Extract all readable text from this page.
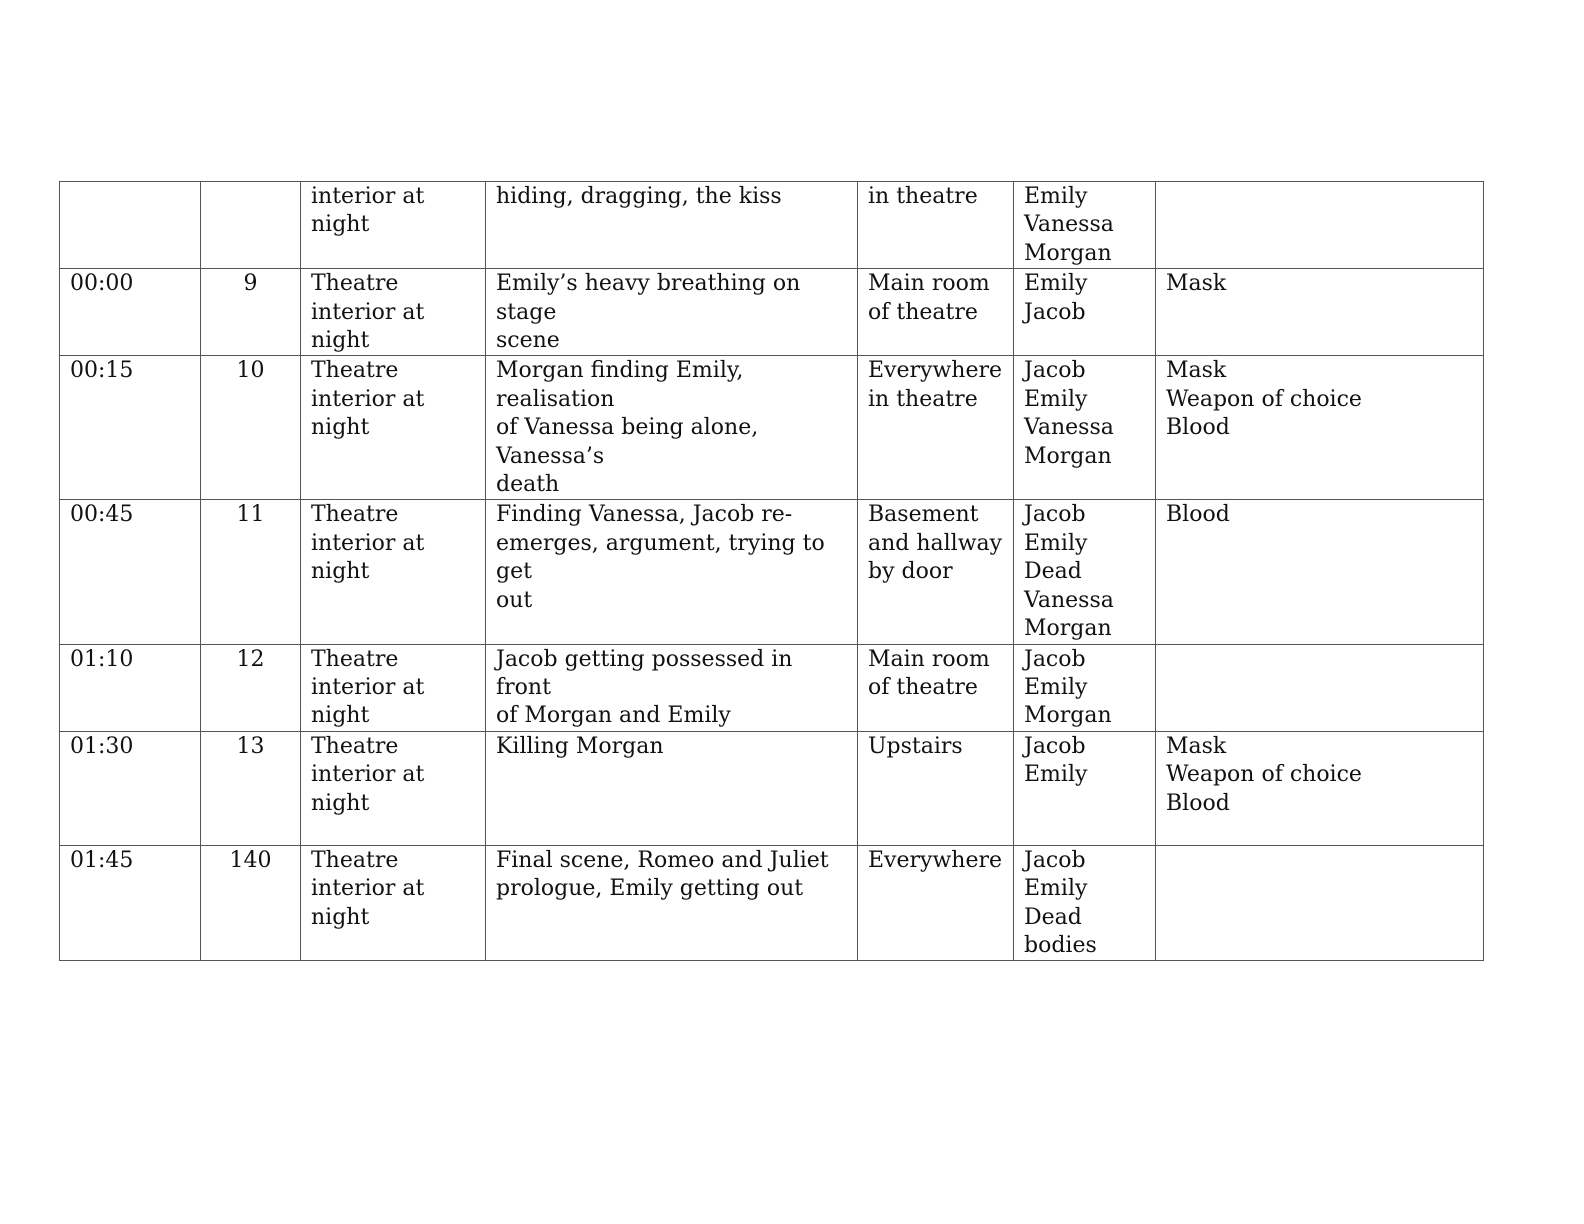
		interior at
night	hiding, dragging, the kiss	in theatre	Emily
Vanessa
Morgan	
00:00	9	Theatre
interior at
night	Emily’s heavy breathing on stage
scene	Main room
of theatre	Emily
Jacob	Mask
00:15	10	Theatre
interior at
night	Morgan finding Emily, realisation
of Vanessa being alone, Vanessa’s
death	Everywhere
in theatre	Jacob
Emily
Vanessa
Morgan	Mask
Weapon of choice
Blood
00:45	11	Theatre
interior at
night	Finding Vanessa, Jacob re-
emerges, argument, trying to get
out	Basement
and hallway
by door	Jacob
Emily
Dead
Vanessa
Morgan	Blood
01:10	12	Theatre
interior at
night	Jacob getting possessed in front
of Morgan and Emily	Main room
of theatre	Jacob
Emily
Morgan	
01:30	13	Theatre
interior at
night	Killing Morgan	Upstairs	Jacob
Emily	Mask
Weapon of choice
Blood
01:45	140	Theatre
interior at
night	Final scene, Romeo and Juliet
prologue, Emily getting out	Everywhere	Jacob
Emily
Dead
bodies	
